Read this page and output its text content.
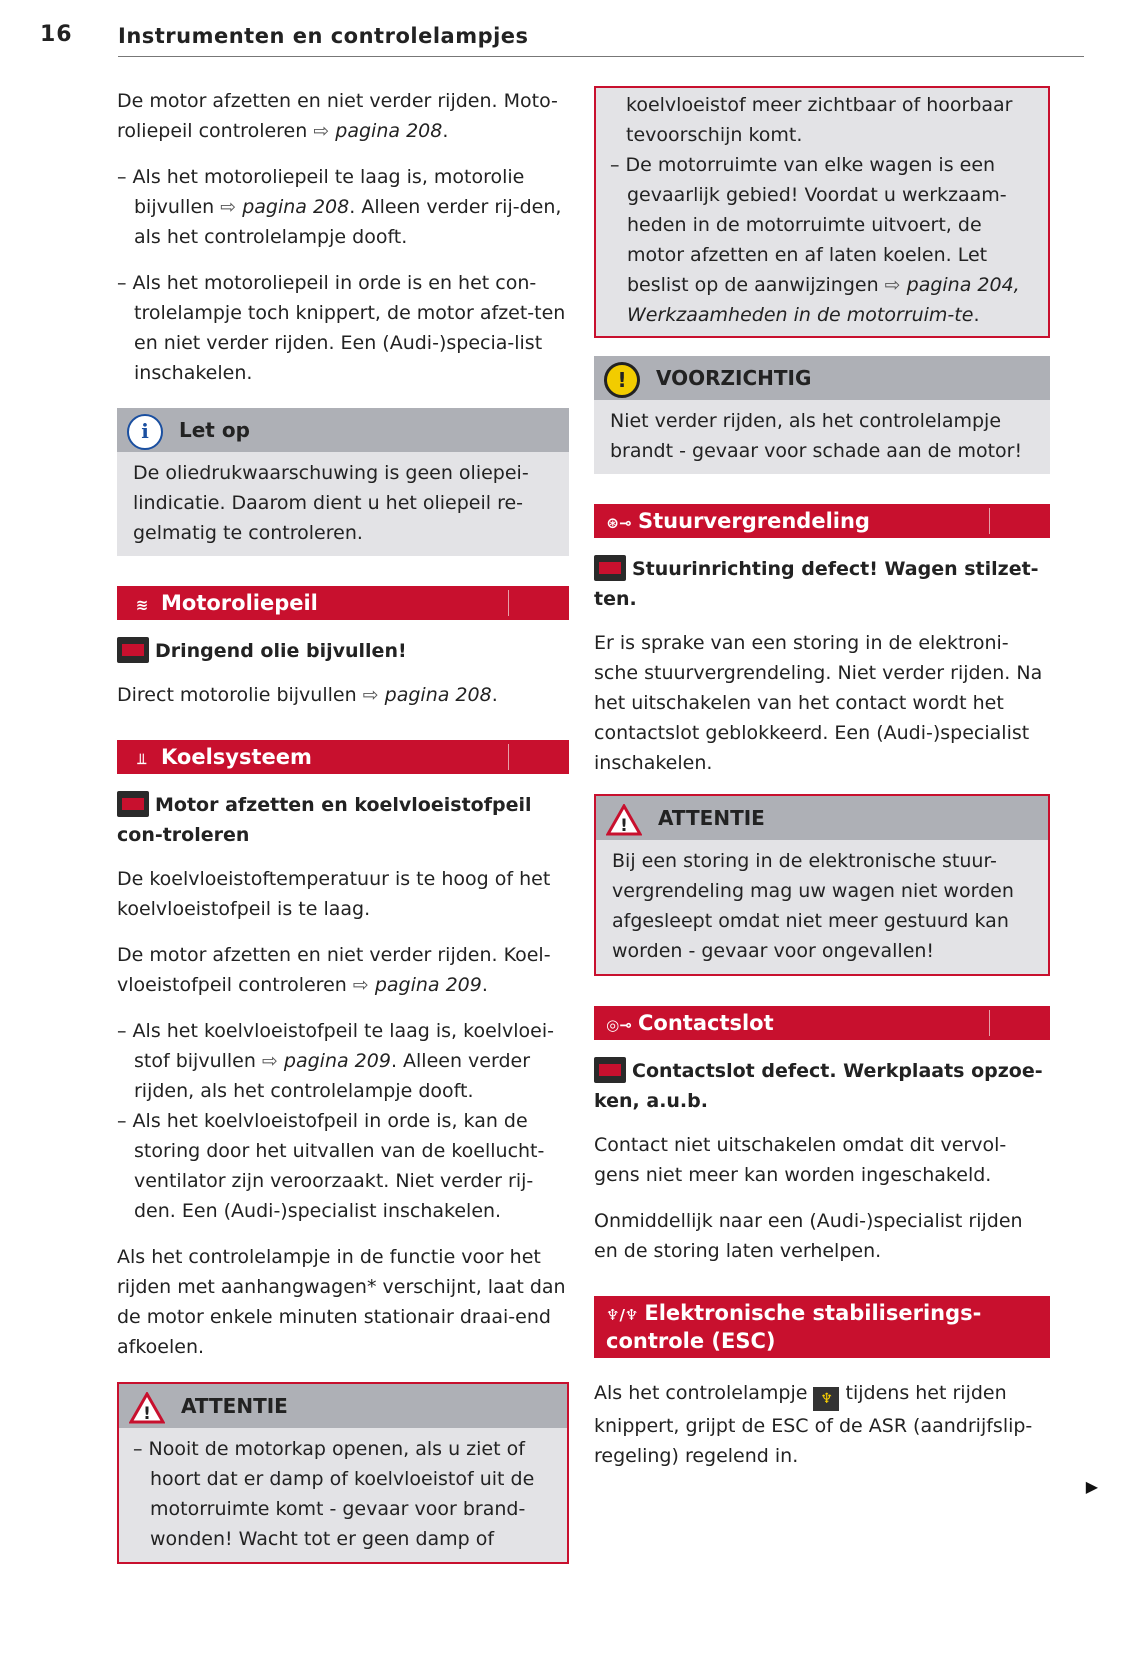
16 Instrumenten en controlelampjes

De motor afzetten en niet verder rijden. Moto-roliepeil controleren ⇨ pagina 208.

– Als het motoroliepeil te laag is, motorolie bijvullen ⇨ pagina 208. Alleen verder rij-den, als het controlelampje dooft.

– Als het motoroliepeil in orde is en het con-trolelampje toch knippert, de motor afzet-ten en niet verder rijden. Een (Audi-)specia-list inschakelen.

i Let op

De oliedrukwaarschuwing is geen oliepei-lindicatie. Daarom dient u het oliepeil re-gelmatig te controleren.

≋ Motoroliepeil
Dringend olie bijvullen!

Direct motorolie bijvullen ⇨ pagina 208.

⫫ Koelsysteem
Motor afzetten en koelvloeistofpeil con-troleren

De koelvloeistoftemperatuur is te hoog of het koelvloeistofpeil is te laag.

De motor afzetten en niet verder rijden. Koel-vloeistofpeil controleren ⇨ pagina 209.

– Als het koelvloeistofpeil te laag is, koelvloei-stof bijvullen ⇨ pagina 209. Alleen verder rijden, als het controlelampje dooft.

– Als het koelvloeistofpeil in orde is, kan de storing door het uitvallen van de koellucht-ventilator zijn veroorzaakt. Niet verder rij-den. Een (Audi-)specialist inschakelen.

Als het controlelampje in de functie voor het rijden met aanhangwagen* verschijnt, laat dan de motor enkele minuten stationair draai-end afkoelen.

! ATTENTIE

– Nooit de motorkap openen, als u ziet of hoort dat er damp of koelvloeistof uit de motorruimte komt - gevaar voor brand-wonden! Wacht tot er geen damp of

koelvloeistof meer zichtbaar of hoorbaar tevoorschijn komt.

– De motorruimte van elke wagen is een gevaarlijk gebied! Voordat u werkzaam-heden in de motorruimte uitvoert, de motor afzetten en af laten koelen. Let beslist op de aanwijzingen ⇨ pagina 204, Werkzaamheden in de motorruim-te.

! VOORZICHTIG

Niet verder rijden, als het controlelampje brandt - gevaar voor schade aan de motor!

⊛⊸ Stuurvergrendeling
Stuurinrichting defect! Wagen stilzet-ten.

Er is sprake van een storing in de elektroni-sche stuurvergrendeling. Niet verder rijden. Na het uitschakelen van het contact wordt het contactslot geblokkeerd. Een (Audi-)specialist inschakelen.

! ATTENTIE

Bij een storing in de elektronische stuur-vergrendeling mag uw wagen niet worden afgesleept omdat niet meer gestuurd kan worden - gevaar voor ongevallen!

◎⊸ Contactslot
Contactslot defect. Werkplaats opzoe-ken, a.u.b.

Contact niet uitschakelen omdat dit vervol-gens niet meer kan worden ingeschakeld.

Onmiddellijk naar een (Audi-)specialist rijden en de storing laten verhelpen.

♆/♆ Elektronische stabiliserings-controle (ESC)

Als het controlelampje ♆ tijdens het rijden knippert, grijpt de ESC of de ASR (aandrijfslip-regeling) regelend in.

▶
